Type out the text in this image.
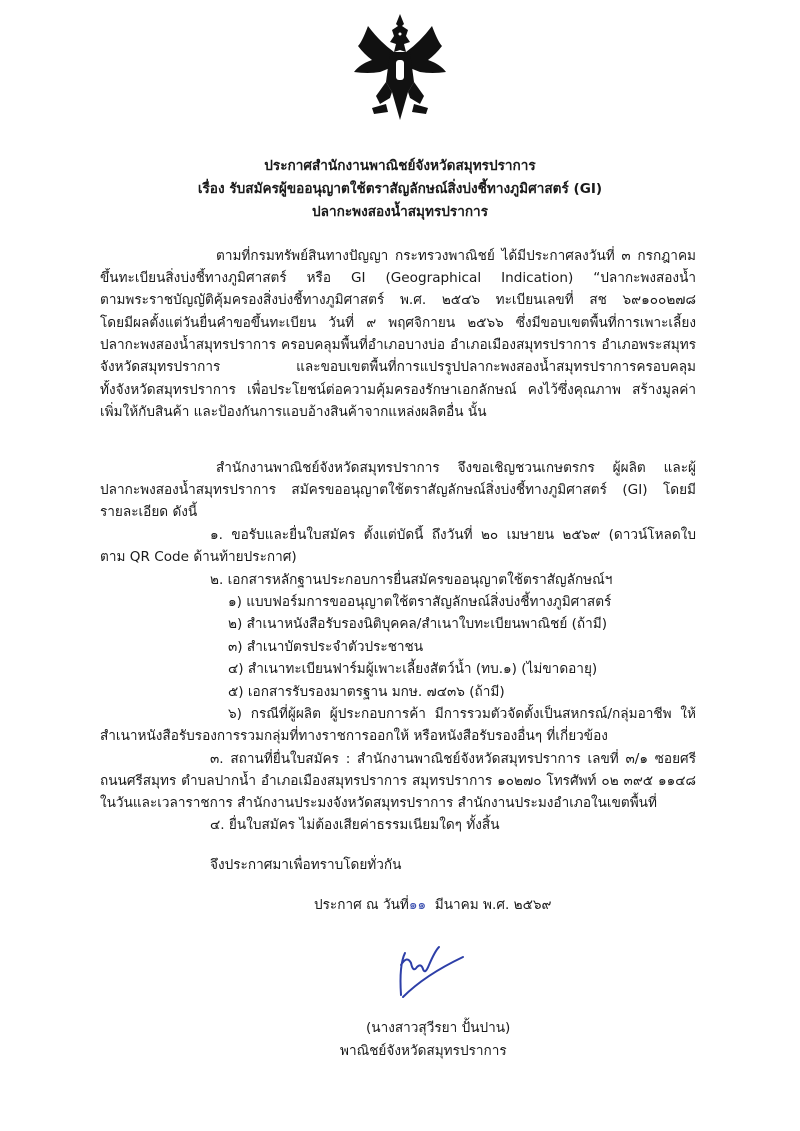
ประกาศสำนักงานพาณิชย์จังหวัดสมุทรปราการ
เรื่อง รับสมัครผู้ขออนุญาตใช้ตราสัญลักษณ์สิ่งบ่งชี้ทางภูมิศาสตร์ (GI)
ปลากะพงสองน้ำสมุทรปราการ
ตามที่กรมทรัพย์สินทางปัญญา กระทรวงพาณิชย์ ได้มีประกาศลงวันที่ ๓ กรกฎาคม
ขึ้นทะเบียนสิ่งบ่งชี้ทางภูมิศาสตร์ หรือ GI (Geographical Indication) “ปลากะพงสองน้ำ
ตามพระราชบัญญัติคุ้มครองสิ่งบ่งชี้ทางภูมิศาสตร์ พ.ศ. ๒๕๔๖ ทะเบียนเลขที่ สช ๖๙๑๐๐๒๗๘
โดยมีผลตั้งแต่วันยื่นคำขอขึ้นทะเบียน วันที่ ๙ พฤศจิกายน ๒๕๖๖ ซึ่งมีขอบเขตพื้นที่การเพาะเลี้ยง
ปลากะพงสองน้ำสมุทรปราการ ครอบคลุมพื้นที่อำเภอบางบ่อ อำเภอเมืองสมุทรปราการ อำเภอพระสมุทร
จังหวัดสมุทรปราการ และขอบเขตพื้นที่การแปรรูปปลากะพงสองน้ำสมุทรปราการครอบคลุม
ทั้งจังหวัดสมุทรปราการ เพื่อประโยชน์ต่อความคุ้มครองรักษาเอกลักษณ์ คงไว้ซึ่งคุณภาพ สร้างมูลค่า
เพิ่มให้กับสินค้า และป้องกันการแอบอ้างสินค้าจากแหล่งผลิตอื่น นั้น
สำนักงานพาณิชย์จังหวัดสมุทรปราการ จึงขอเชิญชวนเกษตรกร ผู้ผลิต และผู้
ปลากะพงสองน้ำสมุทรปราการ สมัครขออนุญาตใช้ตราสัญลักษณ์สิ่งบ่งชี้ทางภูมิศาสตร์ (GI) โดยมี
รายละเอียด ดังนี้
๑. ขอรับและยื่นใบสมัคร ตั้งแต่บัดนี้ ถึงวันที่ ๒๐ เมษายน ๒๕๖๙ (ดาวน์โหลดใบ
ตาม QR Code ด้านท้ายประกาศ)
๒. เอกสารหลักฐานประกอบการยื่นสมัครขออนุญาตใช้ตราสัญลักษณ์ฯ
๑) แบบฟอร์มการขออนุญาตใช้ตราสัญลักษณ์สิ่งบ่งชี้ทางภูมิศาสตร์
๒) สำเนาหนังสือรับรองนิติบุคคล/สำเนาใบทะเบียนพาณิชย์ (ถ้ามี)
๓) สำเนาบัตรประจำตัวประชาชน
๔) สำเนาทะเบียนฟาร์มผู้เพาะเลี้ยงสัตว์น้ำ (ทบ.๑) (ไม่ขาดอายุ)
๕) เอกสารรับรองมาตรฐาน มกษ. ๗๔๓๖ (ถ้ามี)
๖) กรณีที่ผู้ผลิต ผู้ประกอบการค้า มีการรวมตัวจัดตั้งเป็นสหกรณ์/กลุ่มอาชีพ ให้
สำเนาหนังสือรับรองการรวมกลุ่มที่ทางราชการออกให้ หรือหนังสือรับรองอื่นๆ ที่เกี่ยวข้อง
๓. สถานที่ยื่นใบสมัคร : สำนักงานพาณิชย์จังหวัดสมุทรปราการ เลขที่ ๓/๑ ซอยศรี
ถนนศรีสมุทร ตำบลปากน้ำ อำเภอเมืองสมุทรปราการ สมุทรปราการ ๑๐๒๗๐ โทรศัพท์ ๐๒ ๓๙๕ ๑๑๔๘
ในวันและเวลาราชการ สำนักงานประมงจังหวัดสมุทรปราการ สำนักงานประมงอำเภอในเขตพื้นที่
๔. ยื่นใบสมัคร ไม่ต้องเสียค่าธรรมเนียมใดๆ ทั้งสิ้น
จึงประกาศมาเพื่อทราบโดยทั่วกัน
ประกาศ ณ วันที่๑๑ มีนาคม พ.ศ. ๒๕๖๙
(นางสาวสุวีรยา ปั้นปาน)
พาณิชย์จังหวัดสมุทรปราการ
